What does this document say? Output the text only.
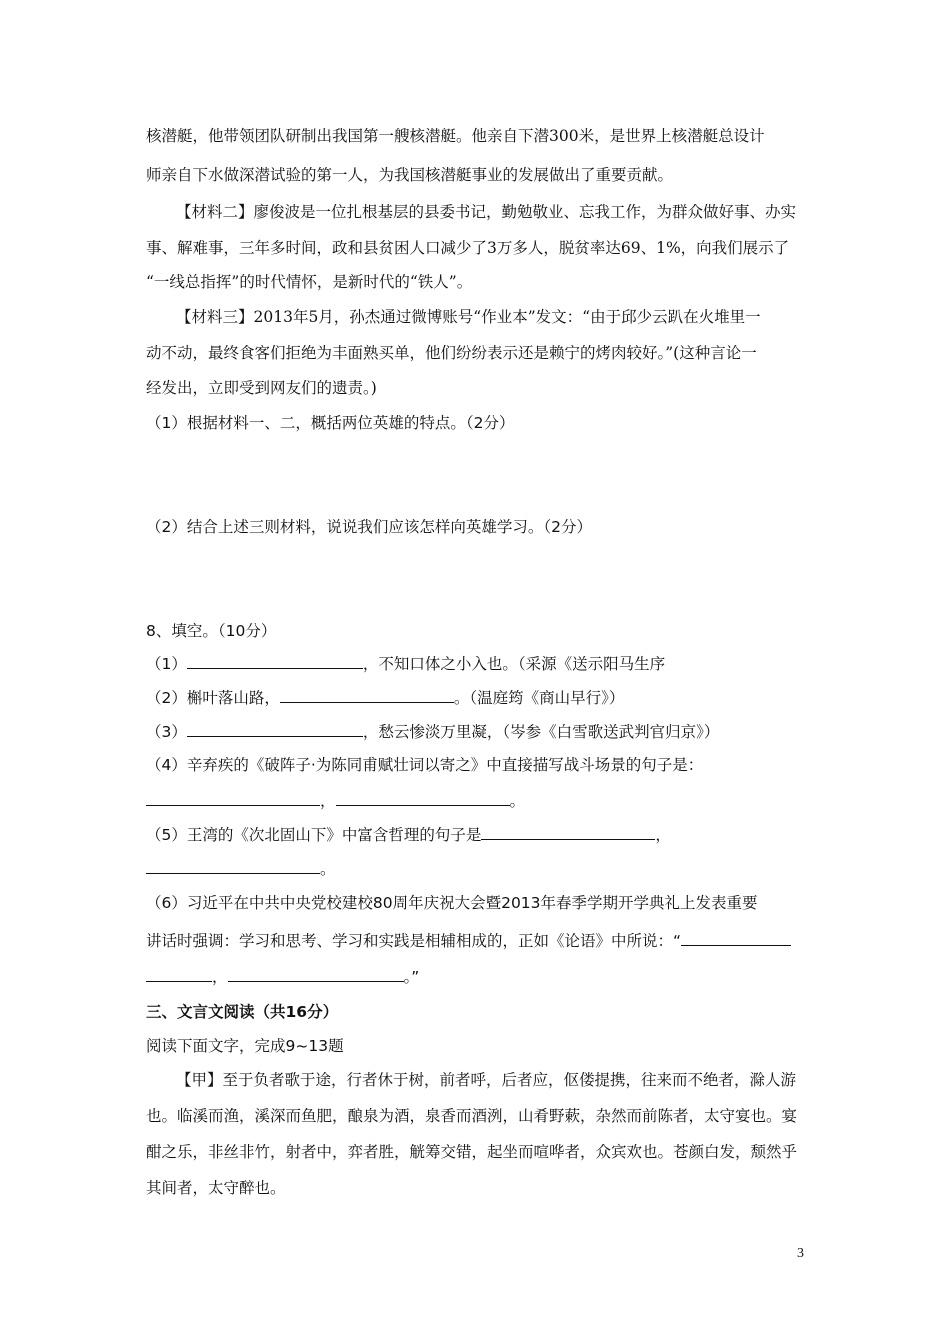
核潜艇，他带领团队研制出我国第一艘核潜艇。他亲自下潜300米，是世界上核潜艇总设计
师亲自下水做深潜试验的第一人，为我国核潜艇事业的发展做出了重要贡献。
【材料二】廖俊波是一位扎根基层的县委书记，勤勉敬业、忘我工作，为群众做好事、办实
事、解难事，三年多时间，政和县贫困人口减少了3万多人，脱贫率达69、1%，向我们展示了
“一线总指挥”的时代情怀，是新时代的“铁人”。
【材料三】2013年5月，孙杰通过微博账号“作业本”发文：“由于邱少云趴在火堆里一
动不动，最终食客们拒绝为丰面熟买单，他们纷纷表示还是赖宁的烤肉较好。”(这种言论一
经发出，立即受到网友们的遗责。)
（1）根据材料一、二，概括两位英雄的特点。（2分）
（2）结合上述三则材料，说说我们应该怎样向英雄学习。（2分）
8、填空。（10分）
（1）	，不知口体之小入也。（采源《送示阳马生序
（2）槲叶落山路，	。（温庭筠《商山早行》）
（3）	，愁云惨淡万里凝，（岑参《白雪歌送武判官归京》）
（4）辛弃疾的《破阵子·为陈同甫赋壮词以寄之》中直接描写战斗场景的句子是：
，	。
（5）王湾的《次北固山下》中富含哲理的句子是	，
。
（6）习近平在中共中央党校建校80周年庆祝大会暨2013年春季学期开学典礼上发表重要
讲话时强调：学习和思考、学习和实践是相辅相成的，正如《论语》中所说：“
，	。”
三、文言文阅读（共16分）
阅读下面文字，完成9~13题
【甲】至于负者歌于途，行者休于树，前者呼，后者应，伛偻提携，往来而不绝者，滁人游
也。临溪而渔，溪深而鱼肥，酿泉为酒，泉香而酒洌，山肴野蔌，杂然而前陈者，太守宴也。宴
酣之乐，非丝非竹，射者中，弈者胜，觥筹交错，起坐而喧哗者，众宾欢也。苍颜白发，颓然乎
其间者，太守醉也。
3
